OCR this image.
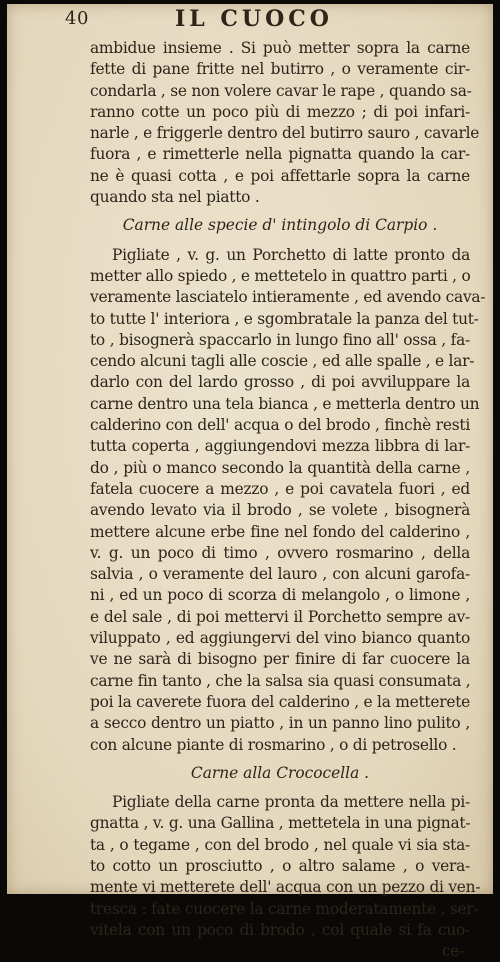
40	IL CUOCO
ambidue insieme . Si può metter sopra la carne
fette di pane fritte nel butirro , o veramente cir-
condarla , se non volere cavar le rape , quando sa-
ranno cotte un poco più di mezzo ; di poi infari-
narle , e friggerle dentro del butirro sauro , cavarle
fuora , e rimetterle nella pignatta quando la car-
ne è quasi cotta , e poi affettarle sopra la carne
quando sta nel piatto .
Carne alle specie d' intingolo di Carpio .
Pigliate , v. g. un Porchetto di latte pronto da
metter allo spiedo , e mettetelo in quattro parti , o
veramente lasciatelo intieramente , ed avendo cava-
to tutte l' interiora , e sgombratale la panza del tut-
to , bisognerà spaccarlo in lungo fino all' ossa , fa-
cendo alcuni tagli alle coscie , ed alle spalle , e lar-
darlo con del lardo grosso , di poi avviluppare la
carne dentro una tela bianca , e metterla dentro un
calderino con dell' acqua o del brodo , finchè resti
tutta coperta , aggiungendovi mezza libbra di lar-
do , più o manco secondo la quantità della carne ,
fatela cuocere a mezzo , e poi cavatela fuori , ed
avendo levato via il brodo , se volete , bisognerà
mettere alcune erbe fine nel fondo del calderino ,
v. g. un poco di timo , ovvero rosmarino , della
salvia , o veramente del lauro , con alcuni garofa-
ni , ed un poco di scorza di melangolo , o limone ,
e del sale , di poi mettervi il Porchetto sempre av-
viluppato , ed aggiungervi del vino bianco quanto
ve ne sarà di bisogno per finire di far cuocere la
carne fin tanto , che la salsa sia quasi consumata ,
poi la caverete fuora del calderino , e la metterete
a secco dentro un piatto , in un panno lino pulito ,
con alcune piante di rosmarino , o di petrosello .
Carne alla Crococella .
Pigliate della carne pronta da mettere nella pi-
gnatta , v. g. una Gallina , mettetela in una pignat-
ta , o tegame , con del brodo , nel quale vi sia sta-
to cotto un prosciutto , o altro salame , o vera-
mente vi metterete dell' acqua con un pezzo di ven-
tresca : fate cuocere la carne moderatamente , ser-
vitela con un poco di brodo , col quale si fa cuo-
ce-
